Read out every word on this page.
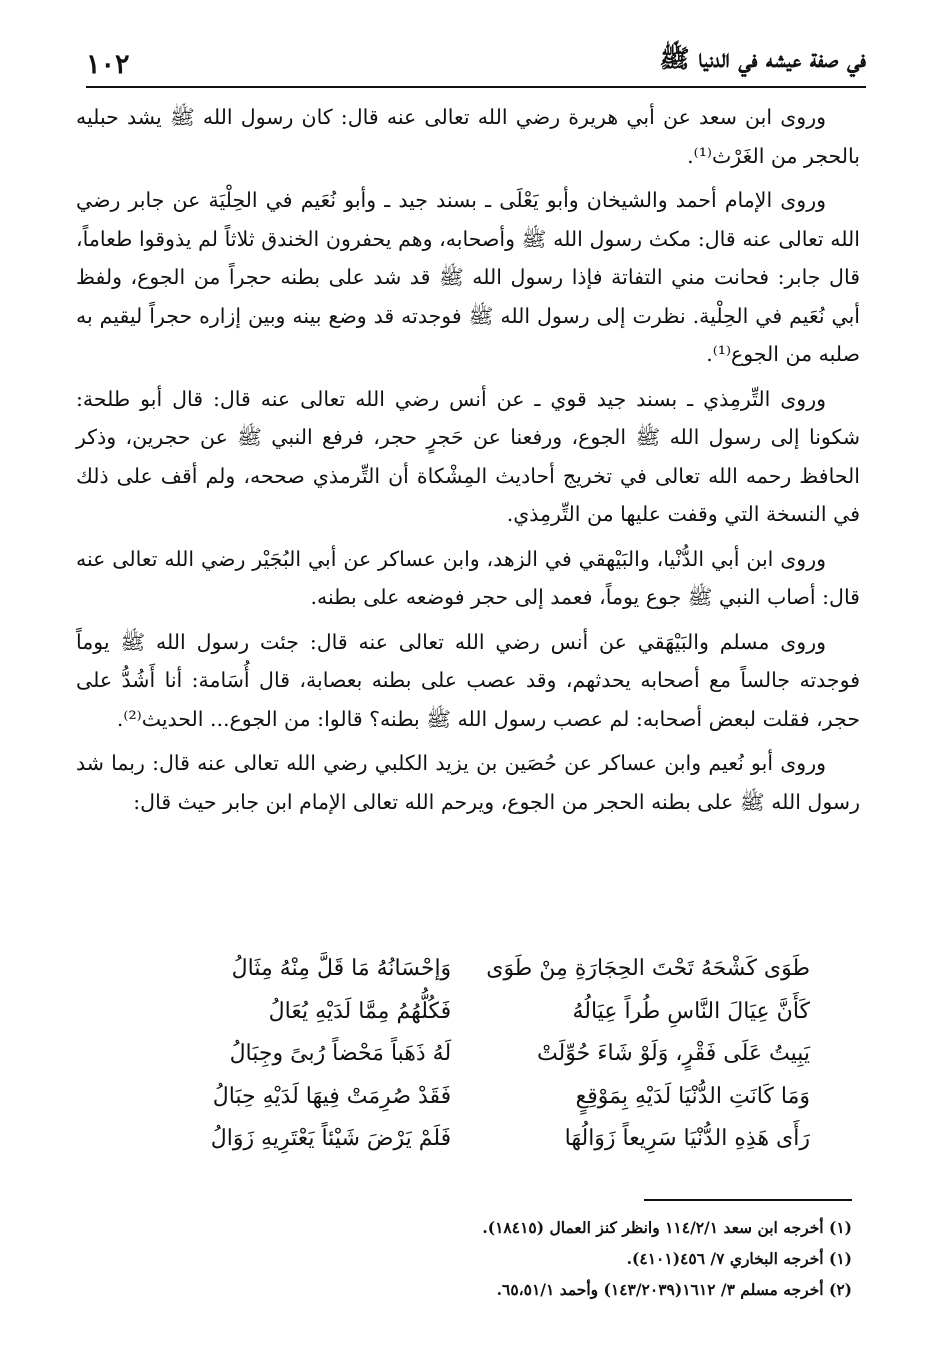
في صفة عيشه في الدنيا ﷺ
١٠٢

وروى ابن سعد عن أبي هريرة رضي الله تعالى عنه قال: كان رسول الله ﷺ يشد حبليه بالحجر من الغَرْث⁽¹⁾.

وروى الإمام أحمد والشيخان وأبو يَعْلَى ـ بسند جيد ـ وأبو نُعَيم في الحِلْيَة عن جابر رضي الله تعالى عنه قال: مكث رسول الله ﷺ وأصحابه، وهم يحفرون الخندق ثلاثاً لم يذوقوا طعاماً، قال جابر: فحانت مني التفاتة فإذا رسول الله ﷺ قد شد على بطنه حجراً من الجوع، ولفظ أبي نُعَيم في الحِلْية. نظرت إلى رسول الله ﷺ فوجدته قد وضع بينه وبين إزاره حجراً ليقيم به صلبه من الجوع⁽¹⁾.

وروى التِّرمِذي ـ بسند جيد قوي ـ عن أنس رضي الله تعالى عنه قال: قال أبو طلحة: شكونا إلى رسول الله ﷺ الجوع، ورفعنا عن حَجرٍ حجر، فرفع النبي ﷺ عن حجرين، وذكر الحافظ رحمه الله تعالى في تخريج أحاديث المِشْكاة أن التِّرمذي صححه، ولم أقف على ذلك في النسخة التي وقفت عليها من التِّرمِذي.

وروى ابن أبي الدُّنْيا، والبَيْهقي في الزهد، وابن عساكر عن أبي البُجَيْر رضي الله تعالى عنه قال: أصاب النبي ﷺ جوع يوماً، فعمد إلى حجر فوضعه على بطنه.

وروى مسلم والبَيْهَقي عن أنس رضي الله تعالى عنه قال: جئت رسول الله ﷺ يوماً فوجدته جالساً مع أصحابه يحدثهم، وقد عصب على بطنه بعصابة، قال أُسَامة: أنا أَشُدُّ على حجر، فقلت لبعض أصحابه: لم عصب رسول الله ﷺ بطنه؟ قالوا: من الجوع... الحديث⁽²⁾.

وروى أبو نُعيم وابن عساكر عن حُصَين بن يزيد الكلبي رضي الله تعالى عنه قال: ربما شد رسول الله ﷺ على بطنه الحجر من الجوع، ويرحم الله تعالى الإمام ابن جابر حيث قال:

طَوَى كَشْحَهُ تَحْتَ الحِجَارَةِ مِنْ طَوَى
وَإحْسَانُهُ مَا قَلَّ مِنْهُ مِثَالُ
كَأَنَّ عِيَالَ النَّاسِ طُراً عِيَالُهُ
فَكُلُّهُمُ مِمَّا لَدَيْهِ يُعَالُ
يَبِيتُ عَلَى فَقْرٍ، وَلَوْ شَاءَ حُوِّلَتْ
لَهُ ذَهَباً مَحْضاً رُبىً وجِبَالُ
وَمَا كَانَتِ الدُّنْيَا لَدَيْهِ بِمَوْقِعٍ
فَقَدْ صُرِمَتْ فِيهَا لَدَيْهِ حِبَالُ
رَأَى هَذِهِ الدُّنْيَا سَرِيعاً زَوَالُهَا
فَلَمْ يَرْضَ شَيْئاً يَعْتَرِيهِ زَوَالُ

(١) أخرجه ابن سعد ١١٤/٢/١ وانظر كنز العمال (١٨٤١٥).

(١) أخرجه البخاري ٧/ ٤٥٦(٤١٠١).

(٢) أخرجه مسلم ٣/ ١٦١٢(١٤٣/٢٠٣٩) وأحمد ٦٥،٥١/١.
